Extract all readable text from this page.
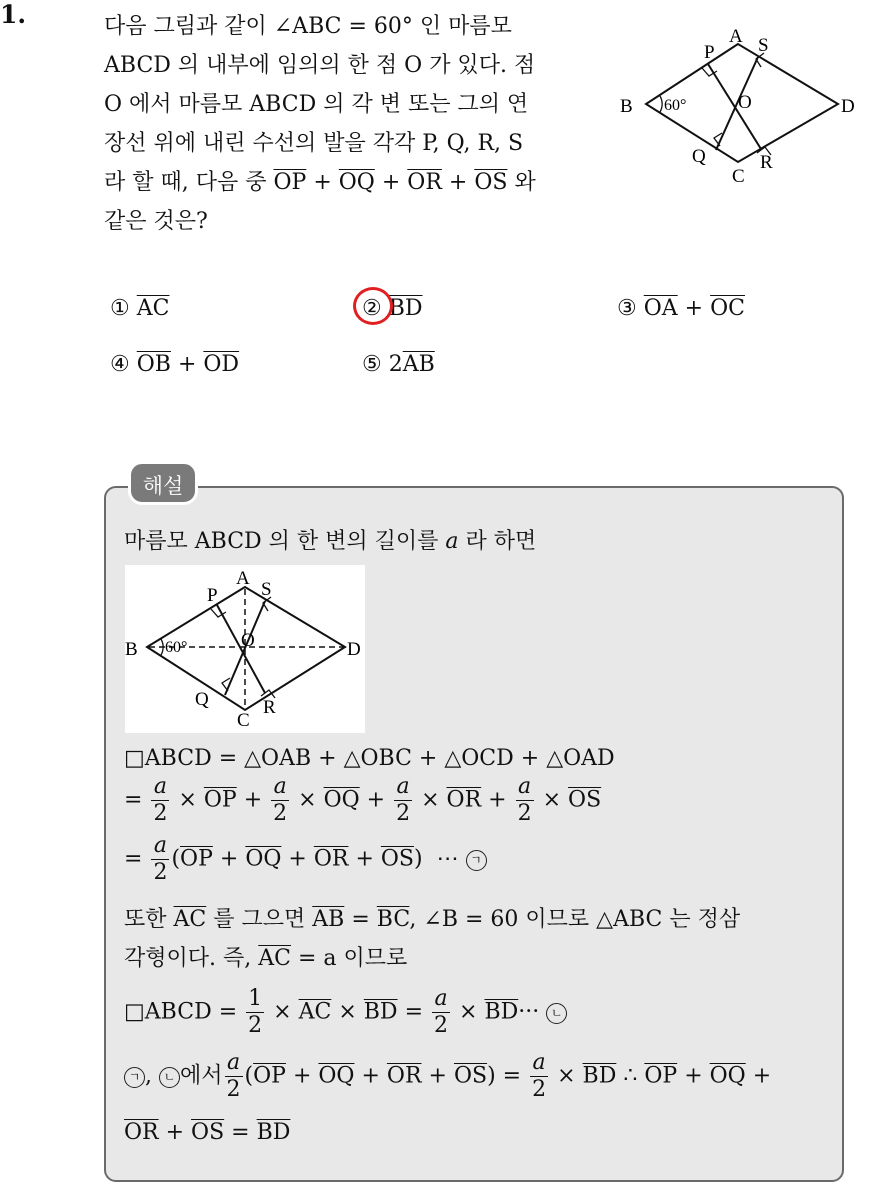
1.	다음 그림과 같이 ∠ABC = 60° 인 마름모
ABCD 의 내부에 임의의 한 점 O 가 있다. 점
O 에서 마름모 ABCD 의 각 변 또는 그의 연
장선 위에 내린 수선의 발을 각각 P, Q, R, S
라 할 때, 다음 중 $\overline{OP} + \overline{OQ} + \overline{OR} + \overline{OS}$ 와
같은 것은?
A
P S
B 60°	O	D
Q	R
C
① $\overline{AC}$	② $\overline{BD}$	③ $\overline{OA} + \overline{OC}$
④ $\overline{OB} + \overline{OD}$	⑤ $2\overline{AB}$
해설
마름모 ABCD 의 한 변의 길이를 a 라 하면
A
P S
B 60°	O	D
Q	R
C
□ABCD = △OAB + △OBC + △OCD + △OAD
= $\frac{a}{2} \times \overline{OP} + \frac{a}{2} \times \overline{OQ} + \frac{a}{2} \times \overline{OR} + \frac{a}{2} \times \overline{OS}$
= $\frac{a}{2} (\overline{OP} + \overline{OQ} + \overline{OR} + \overline{OS})$ ⋯ ㄱ
또한 $\overline{AC}$ 를 그으면 $\overline{AB} = \overline{BC}$, ∠B = 60 이므로 △ABC 는 정삼
각형이다. 즉, $\overline{AC} = a$ 이므로
□ABCD = $\frac{1}{2} \times \overline{AC} \times \overline{BD} = \frac{a}{2} \times \overline{BD}\cdot\cdot\cdot$ ㄴ
ㄱ , ㄴ 에서 $\frac{a}{2} (\overline{OP} + \overline{OQ} + \overline{OR} + \overline{OS}) = \frac{a}{2} \times \overline{BD}$ ∴ $\overline{OP} + \overline{OQ}$ +
$\overline{OR} + \overline{OS} = \overline{BD}$
